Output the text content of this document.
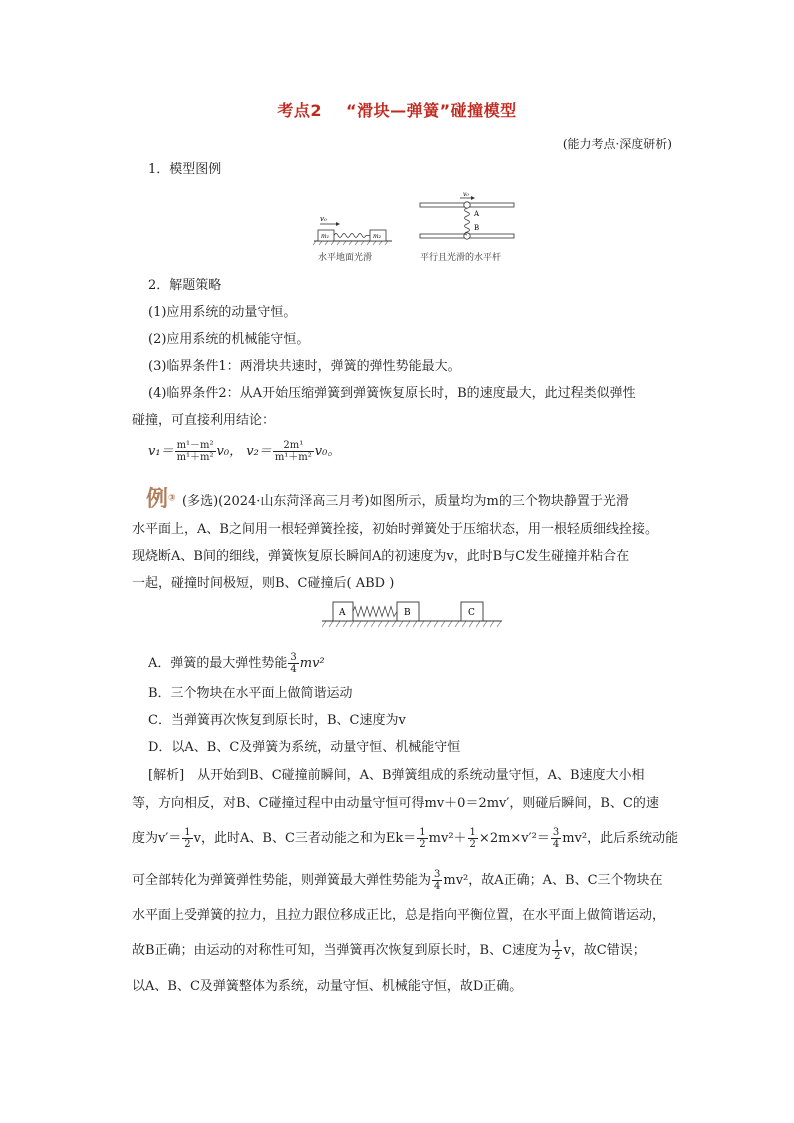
考点2 “滑块—弹簧”碰撞模型
(能力考点·深度研析)
1．模型图例
v₀
m₁	m₂
v₀
A
B
水平地面光滑	平行且光滑的水平杆
2．解题策略
(1)应用系统的动量守恒。
(2)应用系统的机械能守恒。
(3)临界条件1：两滑块共速时，弹簧的弹性势能最大。
(4)临界条件2：从A开始压缩弹簧到弹簧恢复原长时，B的速度最大，此过程类似弹性
碰撞，可直接利用结论：
$v_1= \frac{\text{m¹－m²}}{\text{m¹＋m²}} v_0$， $v_2= \frac{\text{2m¹}}{\text{m¹＋m²}} v_0$。
例③ (多选)(2024·山东菏泽高三月考)如图所示，质量均为m的三个物块静置于光滑
水平面上，A、B之间用一根轻弹簧拴接，初始时弹簧处于压缩状态，用一根轻质细线拴接。
现烧断A、B间的细线，弹簧恢复原长瞬间A的初速度为v，此时B与C发生碰撞并粘合在
一起，碰撞时间极短，则B、C碰撞后( ABD )
A	B	C
A．弹簧的最大弹性势能 $\frac{3}{4} mv^2$
B．三个物块在水平面上做简谐运动
C．当弹簧再次恢复到原长时，B、C速度为v
D．以A、B、C及弹簧为系统，动量守恒、机械能守恒
[解析]　从开始到B、C碰撞前瞬间，A、B弹簧组成的系统动量守恒，A、B速度大小相
等，方向相反，对B、C碰撞过程中由动量守恒可得mv＋0＝2mv′，则碰后瞬间，B、C的速
度为$v'= \frac{1}{2}$ v，此时A、B、C三者动能之和为$Ek= \frac{1}{2} mv^2+ \frac{1}{2} \times 2m\times v'^2= \frac{3}{4} mv^2$，此后系统动能
可全部转化为弹簧弹性势能，则弹簧最大弹性势能为 $\frac{3}{4} mv^2$，故A正确；A、B、C三个物块在
水平面上受弹簧的拉力，且拉力跟位移成正比，总是指向平衡位置，在水平面上做简谐运动，
故B正确；由运动的对称性可知，当弹簧再次恢复到原长时，B、C速度为 $\frac{1}{2}$ v，故C错误；
以A、B、C及弹簧整体为系统，动量守恒、机械能守恒，故D正确。
